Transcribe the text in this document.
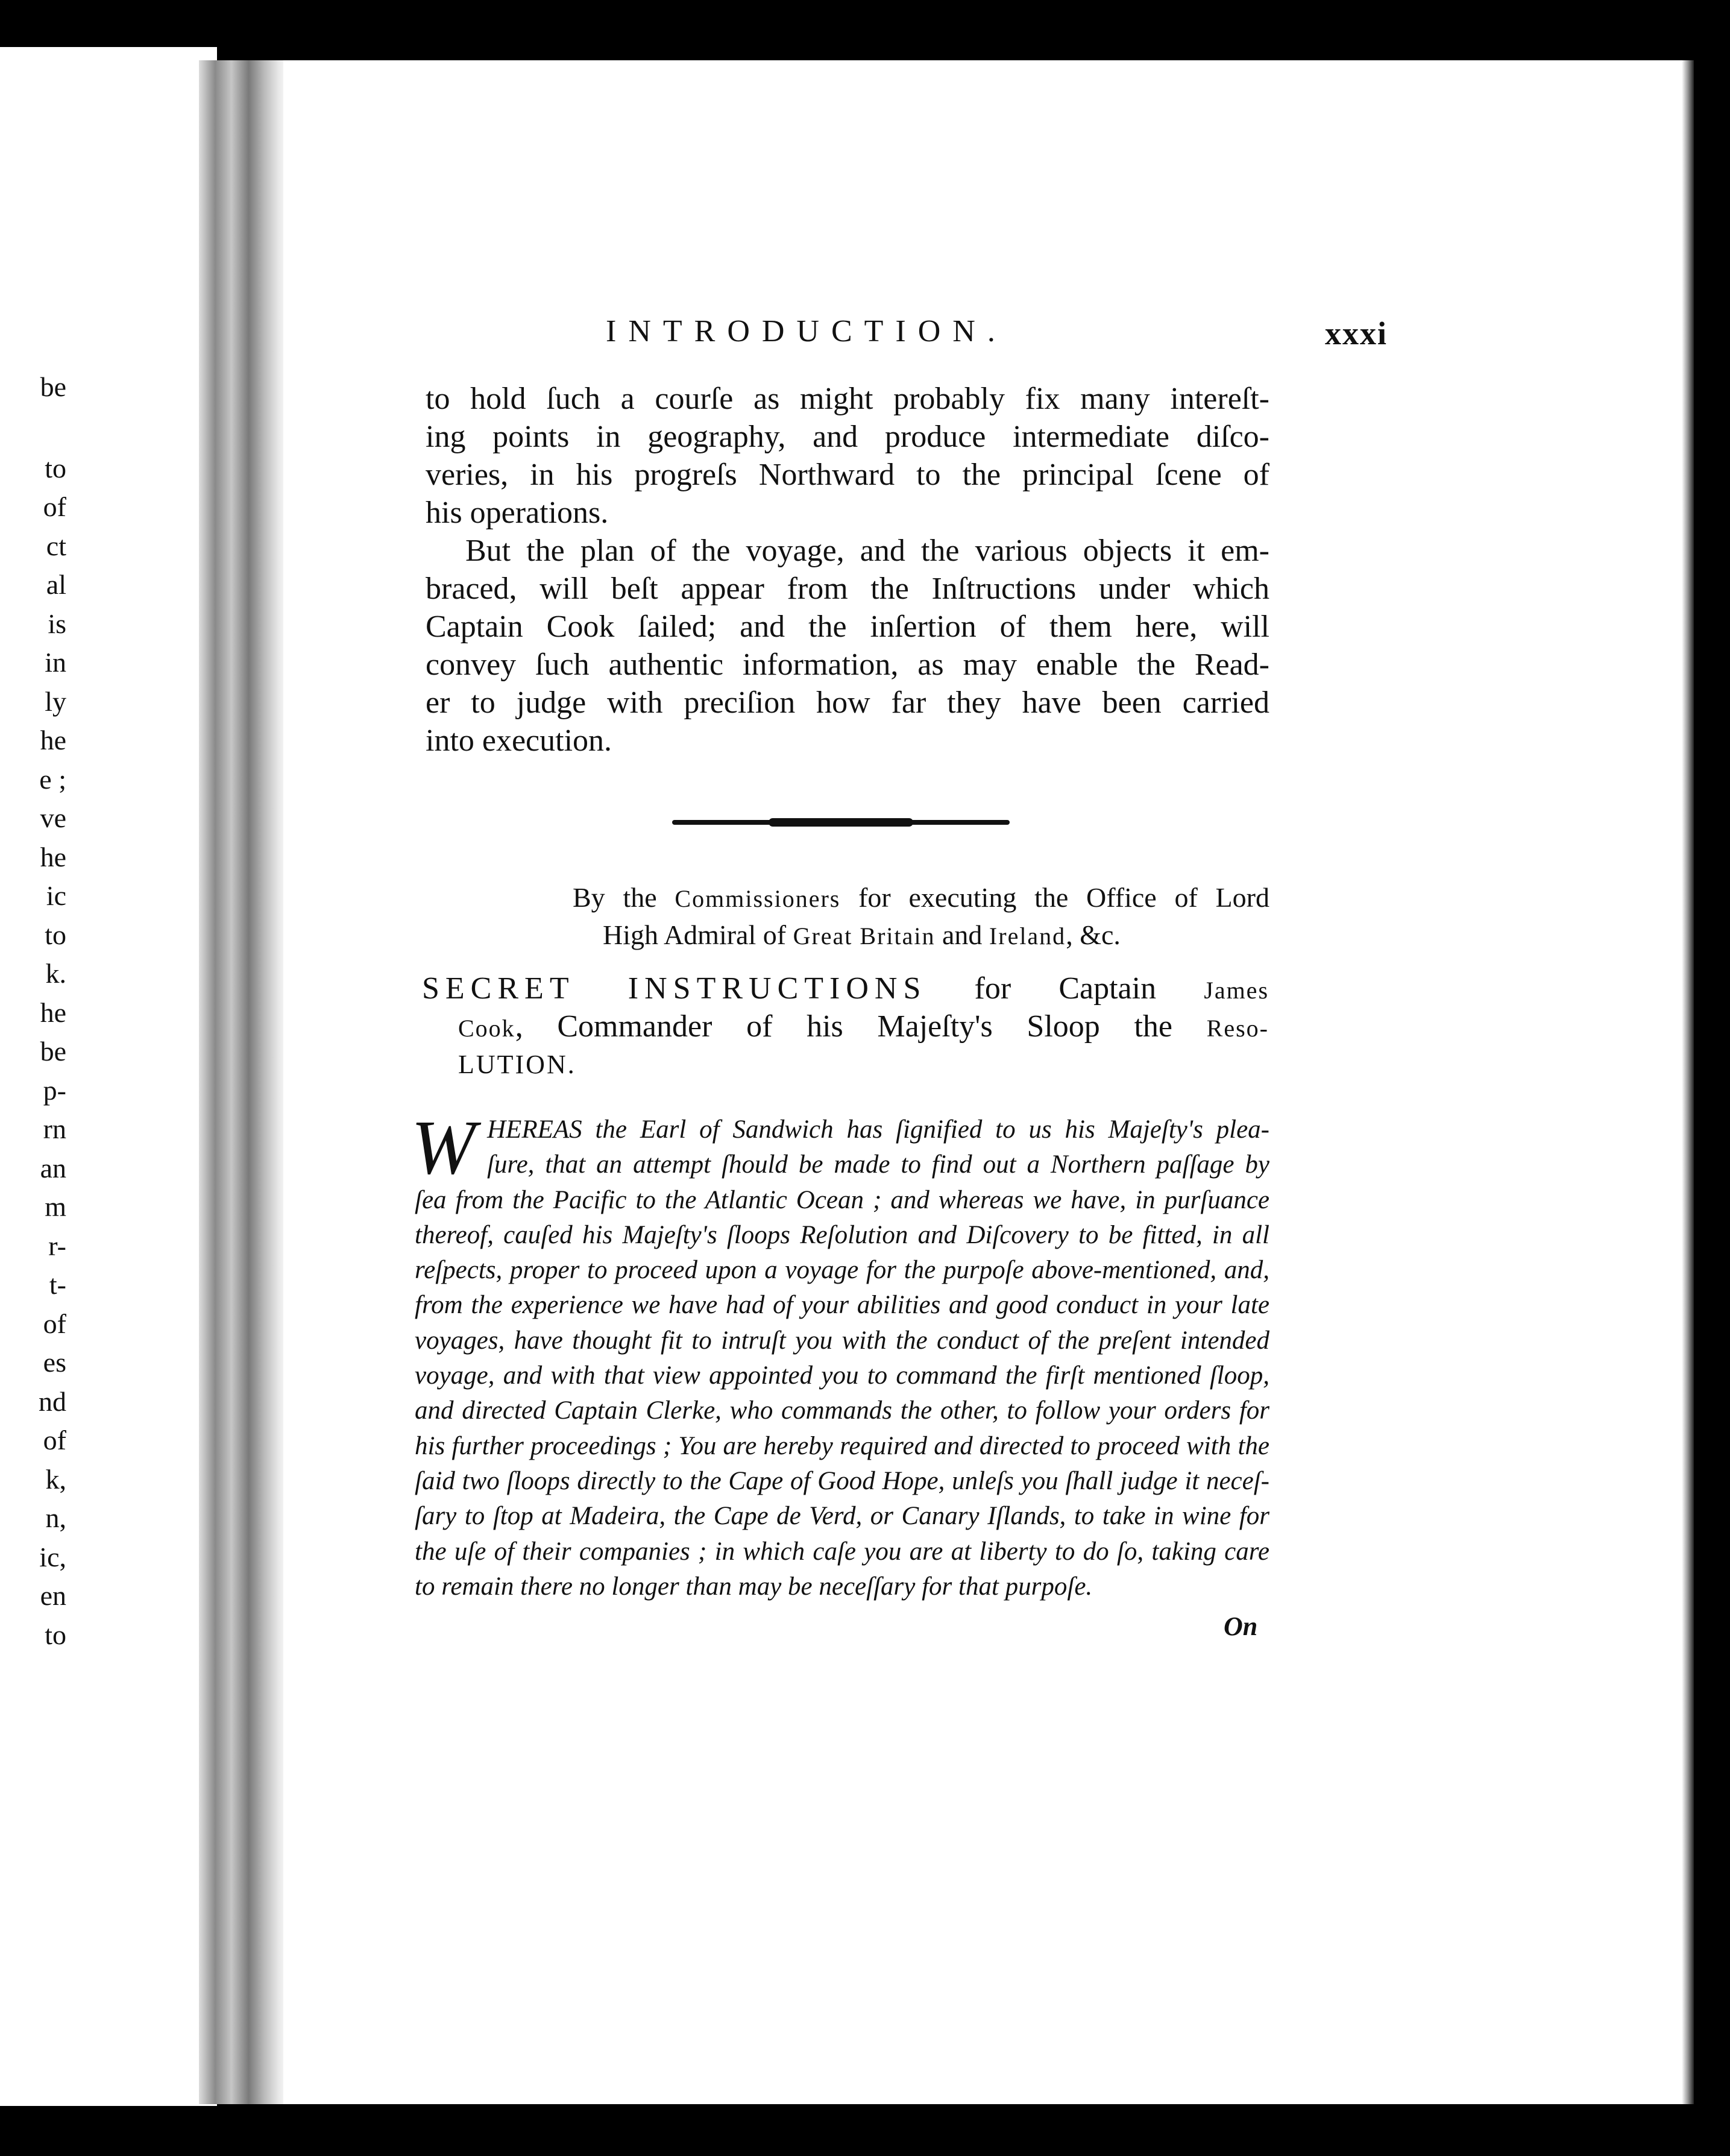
be
to
of
ct
al
is
in
ly
he
e ;
ve
he
ic
to
k.
he
be
p-
rn
an
m
r-
t-
of
es
nd
of
k,
n,
ic,
en
to
INTRODUCTION.	xxxi
to hold ſuch a courſe as might probably fix many intereſt-
ing points in geography, and produce intermediate diſco-
veries, in his progreſs Northward to the principal ſcene of
his operations.
But the plan of the voyage, and the various objects it em-
braced, will beſt appear from the Inſtructions under which
Captain Cook ſailed; and the inſertion of them here, will
convey ſuch authentic information, as may enable the Read-
er to judge with preciſion how far they have been carried
into execution.
By the Commissioners for executing the Office of Lord
High Admiral of Great Britain and Ireland, &c.
SECRET INSTRUCTIONS for Captain James
Cook, Commander of his Majeſty's Sloop the Reso-
LUTION.
W HEREAS the Earl of Sandwich has ſignified to us his Majeſty's plea-
ſure, that an attempt ſhould be made to find out a Northern paſſage by
ſea from the Pacific to the Atlantic Ocean ; and whereas we have, in purſuance
thereof, cauſed his Majeſty's ſloops Reſolution and Diſcovery to be fitted, in all
reſpects, proper to proceed upon a voyage for the purpoſe above-mentioned, and,
from the experience we have had of your abilities and good conduct in your late
voyages, have thought fit to intruſt you with the conduct of the preſent intended
voyage, and with that view appointed you to command the firſt mentioned ſloop,
and directed Captain Clerke, who commands the other, to follow your orders for
his further proceedings ; You are hereby required and directed to proceed with the
ſaid two ſloops directly to the Cape of Good Hope, unleſs you ſhall judge it neceſ-
ſary to ſtop at Madeira, the Cape de Verd, or Canary Iſlands, to take in wine for
the uſe of their companies ; in which caſe you are at liberty to do ſo, taking care
to remain there no longer than may be neceſſary for that purpoſe.
On
